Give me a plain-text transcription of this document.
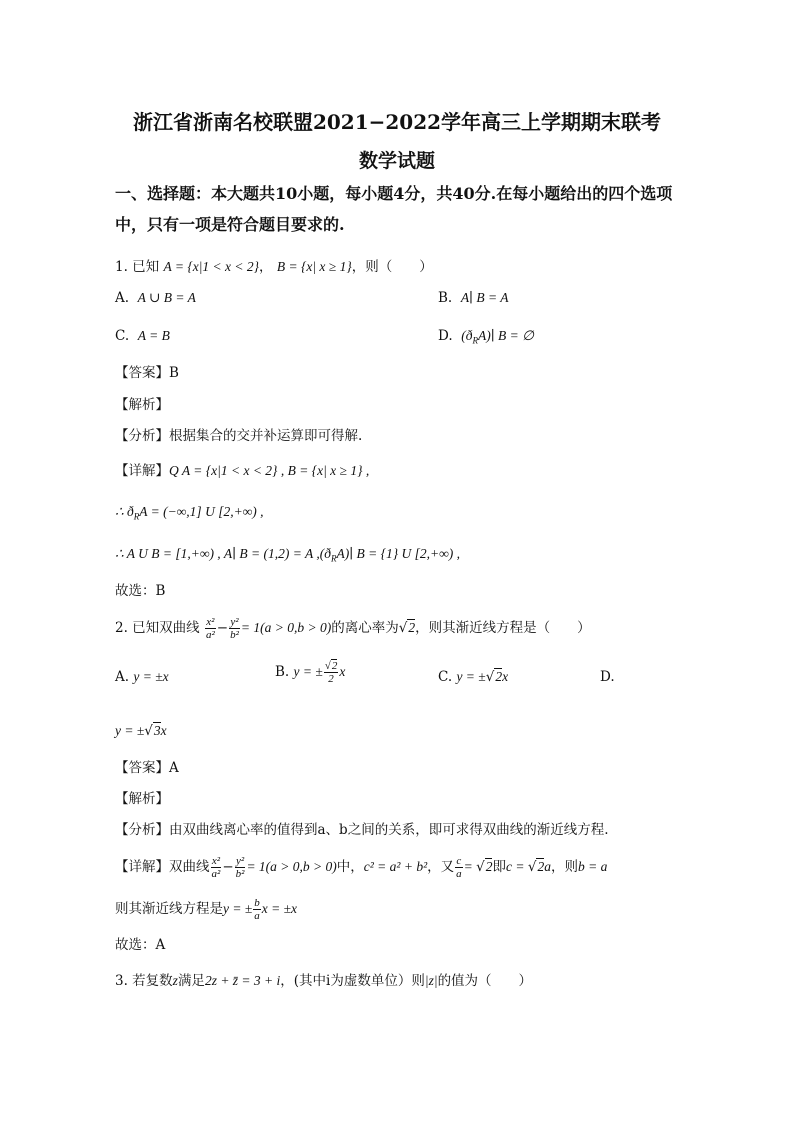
浙江省浙南名校联盟2021−2022学年高三上学期期末联考
数学试题
一、选择题：本大题共10小题，每小题4分，共40分.在每小题给出的四个选项
中，只有一项是符合题目要求的.
1. 已知 A = {x|1 < x < 2}， B = {x| x ≥ 1}，则（　　）
A. A ∪ B = A	B. A∣ B = A
C. A = B	D. $(ð_RA)∣$ B = ∅
【答案】B
【解析】
【分析】根据集合的交并补运算即可得解.
【详解】Q A = {x|1 < x < 2} , B = {x| x ≥ 1} ,
∴ $ð_RA = (-\infty,1]$ U [2,+∞) ,
∴ A U B = [1,+∞) , A∣ B = (1,2) = A $,(ð_RA)∣$ B = {1} U [2,+∞) ,
故选：B
2. 已知双曲线 $\frac{\text{x²}}{\text{a²}} - \frac{\text{y²}}{\text{b²}} = 1(a > 0,b > 0)$的离心率为√2，则其渐近线方程是（　　）
A. y = ±x	B. y = ± $\frac{√2}{2}$ x	C. y = ±√2x	D.
y = ±√3x
【答案】A
【解析】
【分析】由双曲线离心率的值得到a、b之间的关系，即可求得双曲线的渐近线方程.
【详解】双曲线 $\frac{\text{x²}}{\text{a²}} - \frac{\text{y²}}{\text{b²}} = 1(a > 0,b > 0)$中，c² = a² + b²，又 $\frac{c}{a} = √2$即c = √2a，则b = a
则其渐近线方程是y = ± $\frac{b}{a}$ x = ±x
故选：A
3. 若复数z满足2z + z̄ = 3 + i，(其中i为虚数单位）则|z|的值为（　　）
